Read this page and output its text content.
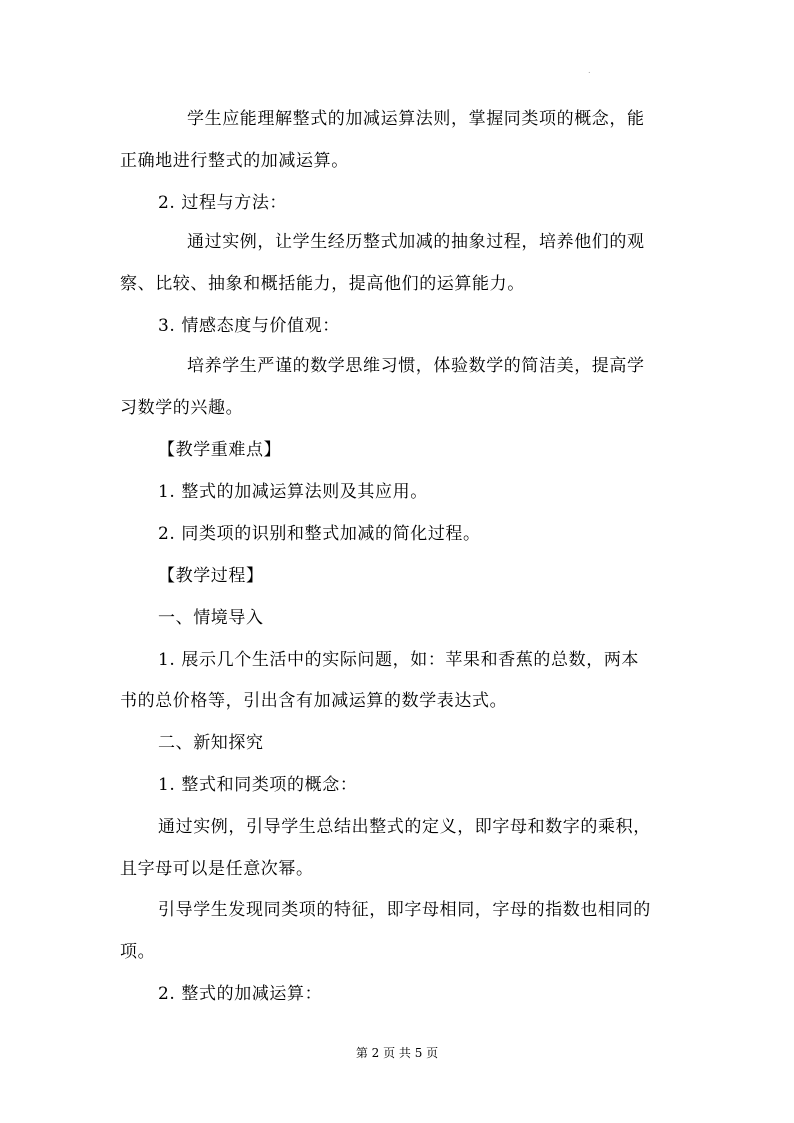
.
学生应能理解整式的加减运算法则，掌握同类项的概念，能
正确地进行整式的加减运算。
2. 过程与方法：
通过实例，让学生经历整式加减的抽象过程，培养他们的观
察、比较、抽象和概括能力，提高他们的运算能力。
3. 情感态度与价值观：
培养学生严谨的数学思维习惯，体验数学的简洁美，提高学
习数学的兴趣。
【教学重难点】
1. 整式的加减运算法则及其应用。
2. 同类项的识别和整式加减的简化过程。
【教学过程】
一、情境导入
1. 展示几个生活中的实际问题，如：苹果和香蕉的总数，两本
书的总价格等，引出含有加减运算的数学表达式。
二、新知探究
1. 整式和同类项的概念：
通过实例，引导学生总结出整式的定义，即字母和数字的乘积，
且字母可以是任意次幂。
引导学生发现同类项的特征，即字母相同，字母的指数也相同的
项。
2. 整式的加减运算：
第 2 页 共 5 页
